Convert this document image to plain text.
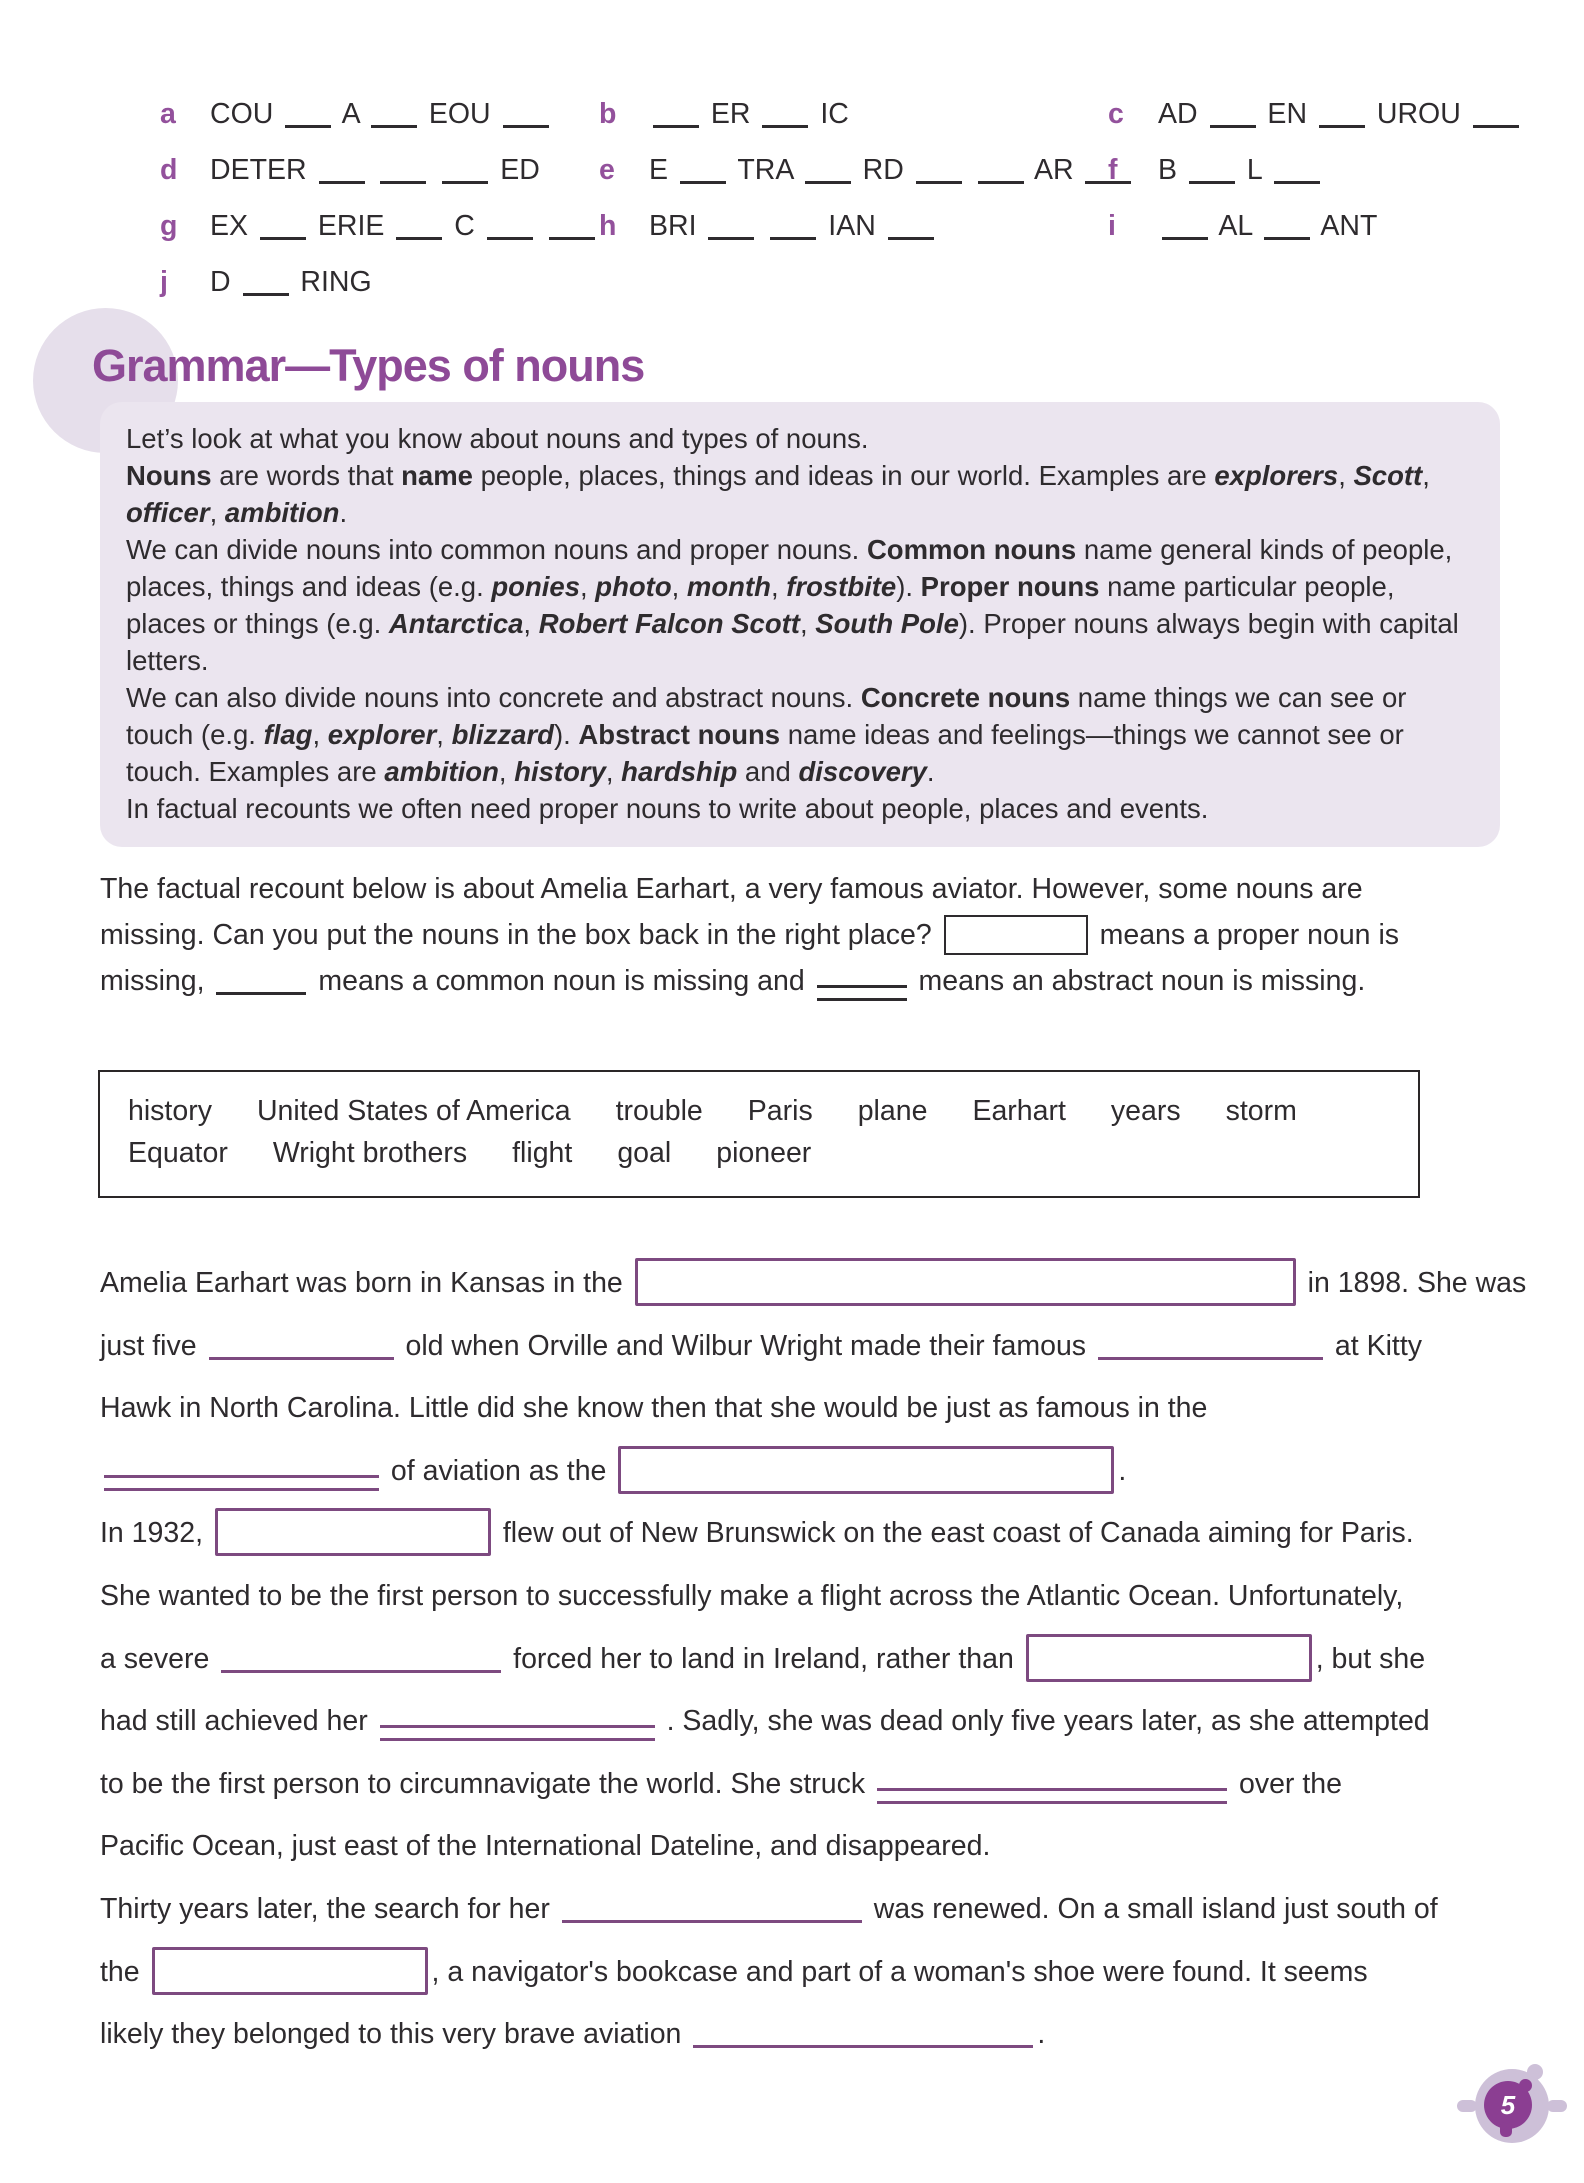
a COU  A  EOU	b	ER  IC	c AD  EN  UROU
d DETER	ED	e E  TRA  RD	AR f B  L
g EX  ERIE  C	h BRI	IAN	i	AL  ANT
j D  RING
Grammar—Types of nouns

Let’s look at what you know about nouns and types of nouns.

Nouns are words that name people, places, things and ideas in our world. Examples are explorers, Scott, officer, ambition.

We can divide nouns into common nouns and proper nouns. Common nouns name general kinds of people, places, things and ideas (e.g. ponies, photo, month, frostbite). Proper nouns name particular people, places or things (e.g. Antarctica, Robert Falcon Scott, South Pole). Proper nouns always begin with capital letters.

We can also divide nouns into concrete and abstract nouns. Concrete nouns name things we can see or touch (e.g. flag, explorer, blizzard). Abstract nouns name ideas and feelings—things we cannot see or touch. Examples are ambition, history, hardship and discovery.

In factual recounts we often need proper nouns to write about people, places and events.

The factual recount below is about Amelia Earhart, a very famous aviator. However, some nouns are

missing. Can you put the nouns in the box back in the right place?	means a proper noun is

missing,	means a common noun is missing and	means an abstract noun is missing.

history United States of America trouble Paris plane Earhart years storm
Equator Wright brothers flight goal pioneer

Amelia Earhart was born in Kansas in the	in 1898. She was

just five	old when Orville and Wilbur Wright made their famous	at Kitty

Hawk in North Carolina. Little did she know then that she would be just as famous in the

of aviation as the	.

In 1932,	flew out of New Brunswick on the east coast of Canada aiming for Paris.

She wanted to be the first person to successfully make a flight across the Atlantic Ocean. Unfortunately,

a severe	forced her to land in Ireland, rather than	, but she

had still achieved her	. Sadly, she was dead only five years later, as she attempted

to be the first person to circumnavigate the world. She struck	over the

Pacific Ocean, just east of the International Dateline, and disappeared.

Thirty years later, the search for her	was renewed. On a small island just south of

the	, a navigator's bookcase and part of a woman's shoe were found. It seems

likely they belonged to this very brave aviation	.

5
